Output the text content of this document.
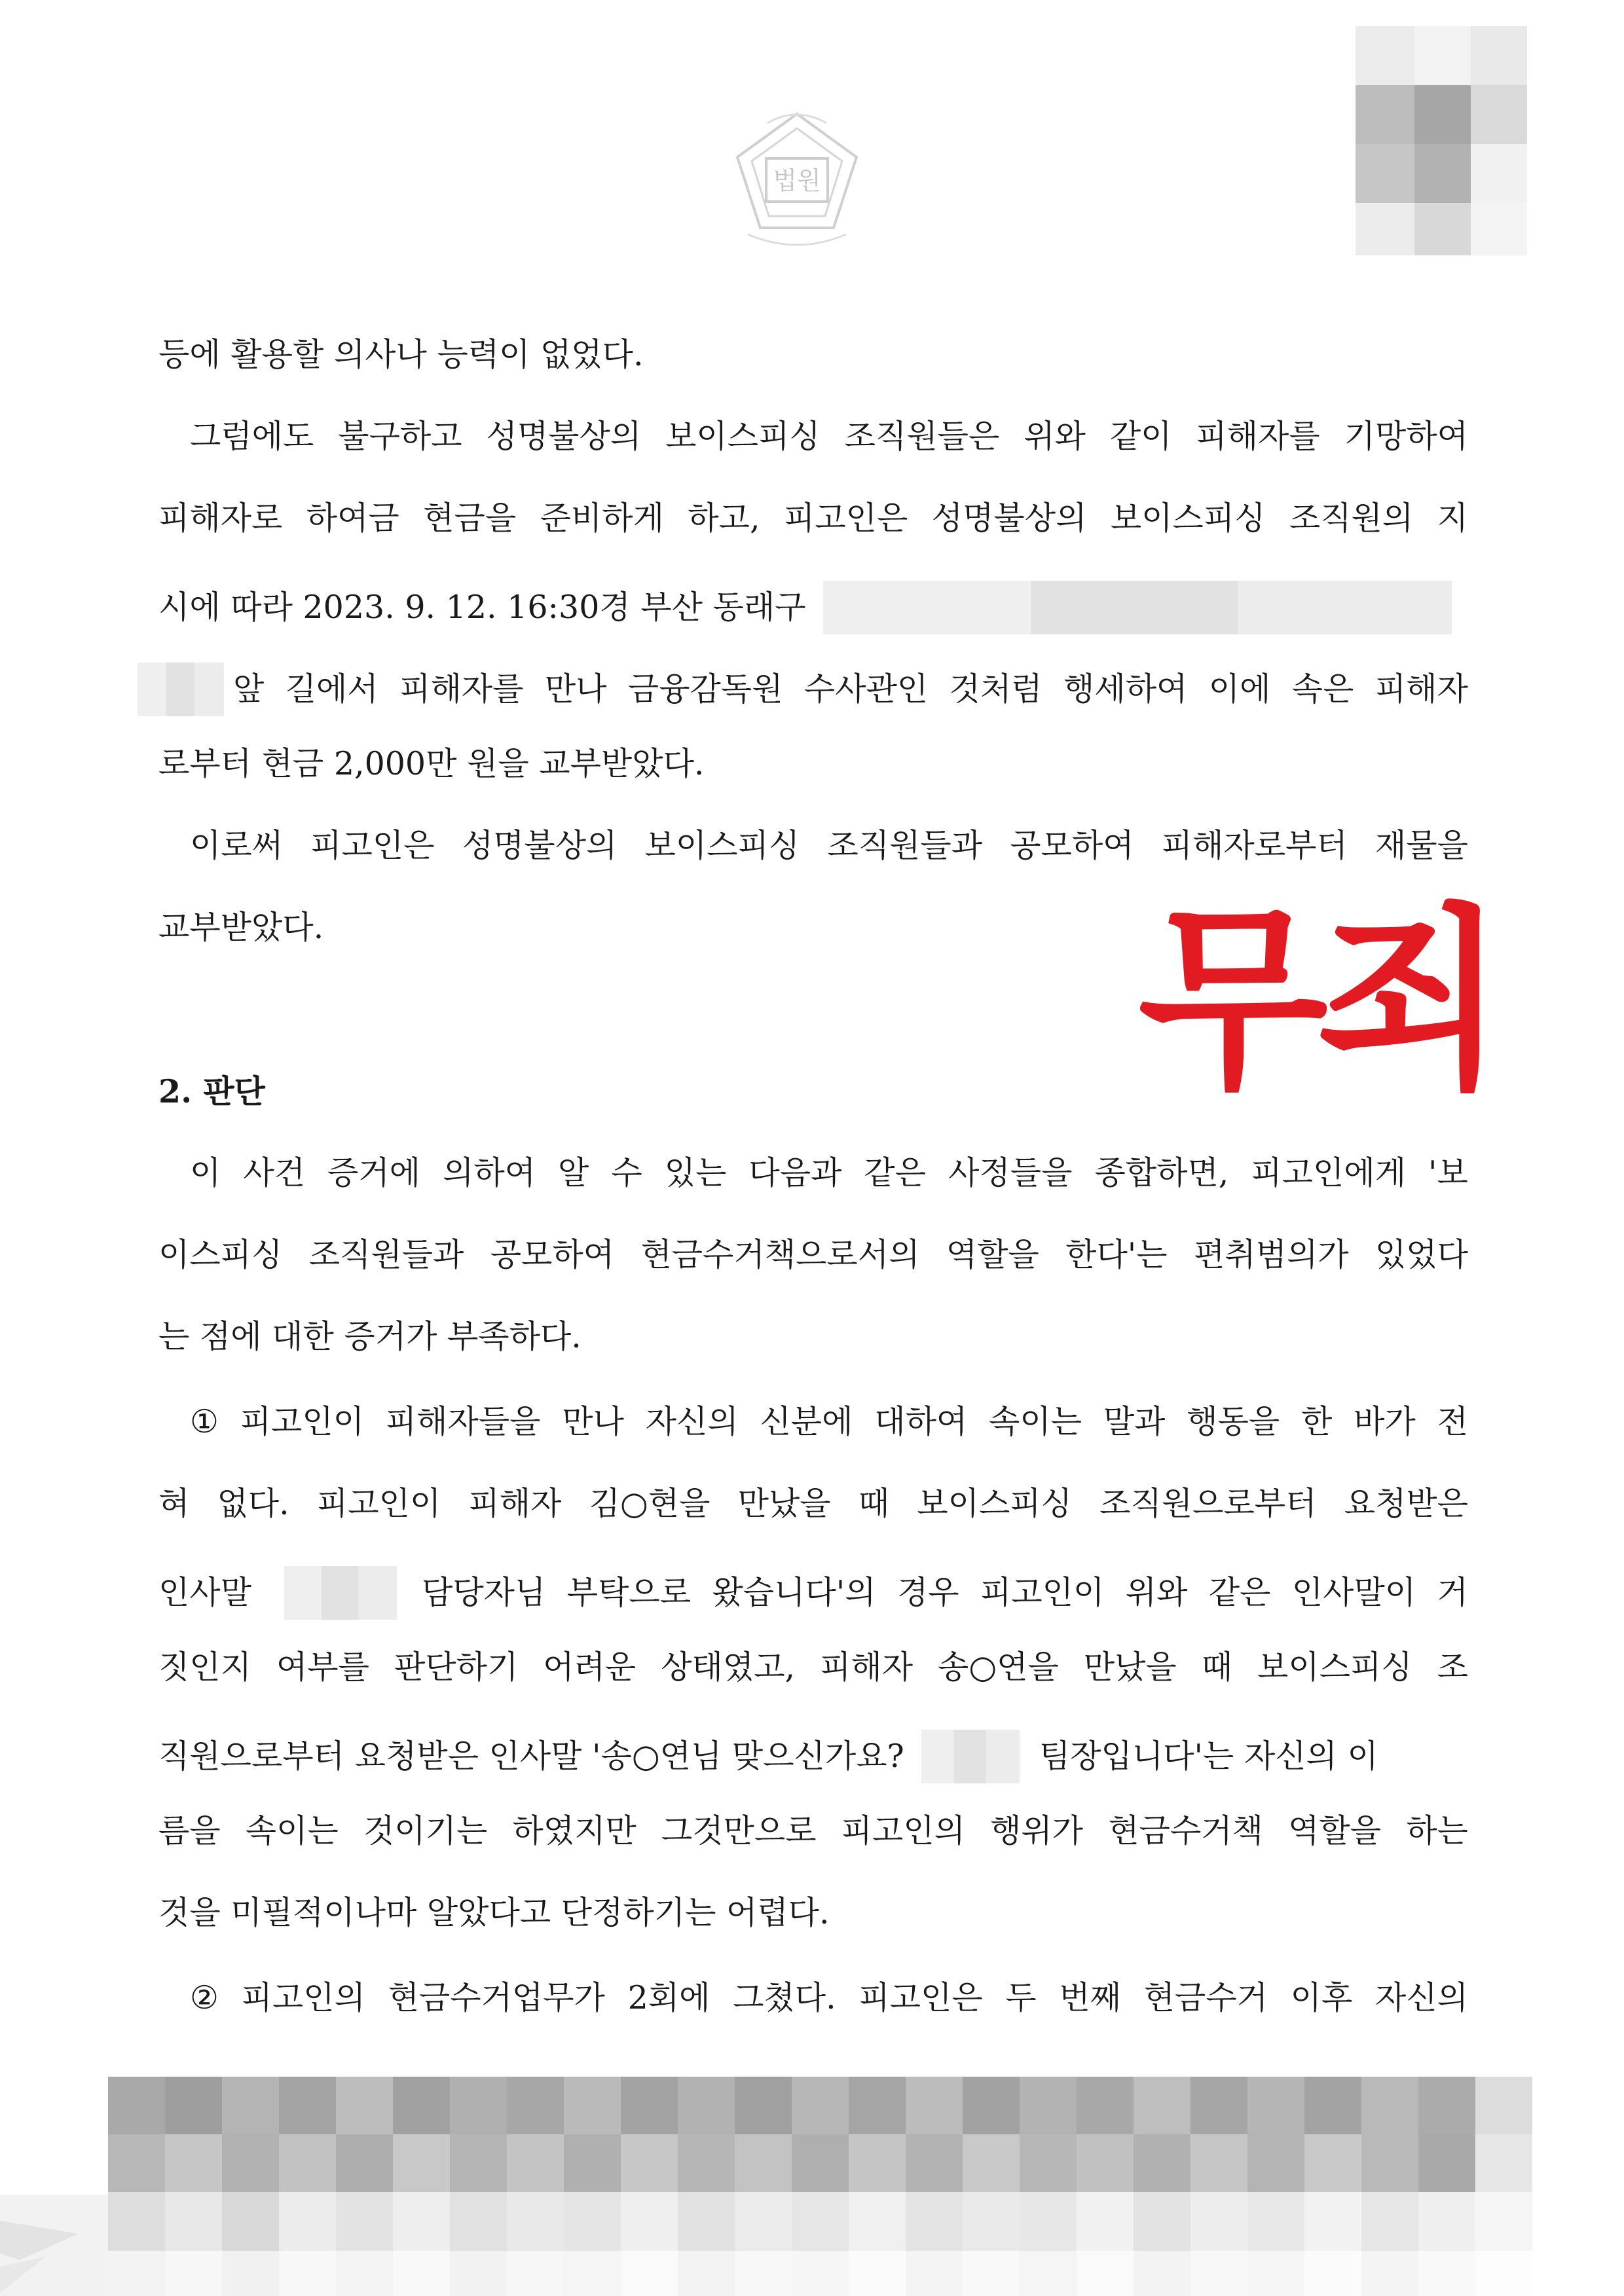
법원
무죄
등에 활용할 의사나 능력이 없었다.
그럼에도 불구하고 성명불상의 보이스피싱 조직원들은 위와 같이 피해자를 기망하여
피해자로 하여금 현금을 준비하게 하고, 피고인은 성명불상의 보이스피싱 조직원의 지
시에 따라 2023. 9. 12. 16:30경 부산 동래구
앞 길에서 피해자를 만나 금융감독원 수사관인 것처럼 행세하여 이에 속은 피해자
로부터 현금 2,000만 원을 교부받았다.
이로써 피고인은 성명불상의 보이스피싱 조직원들과 공모하여 피해자로부터 재물을
교부받았다.
2. 판단
이 사건 증거에 의하여 알 수 있는 다음과 같은 사정들을 종합하면, 피고인에게 '보
이스피싱 조직원들과 공모하여 현금수거책으로서의 역할을 한다'는 편취범의가 있었다
는 점에 대한 증거가 부족하다.
① 피고인이 피해자들을 만나 자신의 신분에 대하여 속이는 말과 행동을 한 바가 전
혀 없다. 피고인이 피해자 김○현을 만났을 때 보이스피싱 조직원으로부터 요청받은
인사말	담당자님 부탁으로 왔습니다'의 경우 피고인이 위와 같은 인사말이 거
짓인지 여부를 판단하기 어려운 상태였고, 피해자 송○연을 만났을 때 보이스피싱 조
직원으로부터 요청받은 인사말 '송○연님 맞으신가요?	팀장입니다'는 자신의 이
름을 속이는 것이기는 하였지만 그것만으로 피고인의 행위가 현금수거책 역할을 하는
것을 미필적이나마 알았다고 단정하기는 어렵다.
② 피고인의 현금수거업무가 2회에 그쳤다. 피고인은 두 번째 현금수거 이후 자신의
